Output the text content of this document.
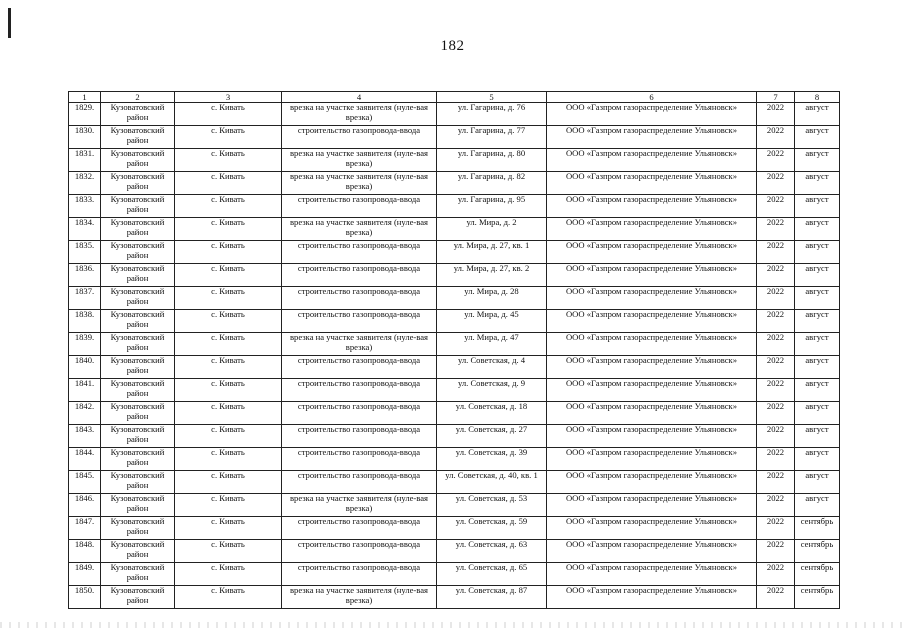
182
1	2	3	4	5	6	7	8
1829.	Кузоватовский район	с. Кивать	врезка на участке заявителя (нуле-вая врезка)	ул. Гагарина, д. 76	ООО «Газпром газораспределение Ульяновск»	2022	август
1830.	Кузоватовский район	с. Кивать	строительство газопровода-ввода	ул. Гагарина, д. 77	ООО «Газпром газораспределение Ульяновск»	2022	август
1831.	Кузоватовский район	с. Кивать	врезка на участке заявителя (нуле-вая врезка)	ул. Гагарина, д. 80	ООО «Газпром газораспределение Ульяновск»	2022	август
1832.	Кузоватовский район	с. Кивать	врезка на участке заявителя (нуле-вая врезка)	ул. Гагарина, д. 82	ООО «Газпром газораспределение Ульяновск»	2022	август
1833.	Кузоватовский район	с. Кивать	строительство газопровода-ввода	ул. Гагарина, д. 95	ООО «Газпром газораспределение Ульяновск»	2022	август
1834.	Кузоватовский район	с. Кивать	врезка на участке заявителя (нуле-вая врезка)	ул. Мира, д. 2	ООО «Газпром газораспределение Ульяновск»	2022	август
1835.	Кузоватовский район	с. Кивать	строительство газопровода-ввода	ул. Мира, д. 27, кв. 1	ООО «Газпром газораспределение Ульяновск»	2022	август
1836.	Кузоватовский район	с. Кивать	строительство газопровода-ввода	ул. Мира, д. 27, кв. 2	ООО «Газпром газораспределение Ульяновск»	2022	август
1837.	Кузоватовский район	с. Кивать	строительство газопровода-ввода	ул. Мира, д. 28	ООО «Газпром газораспределение Ульяновск»	2022	август
1838.	Кузоватовский район	с. Кивать	строительство газопровода-ввода	ул. Мира, д. 45	ООО «Газпром газораспределение Ульяновск»	2022	август
1839.	Кузоватовский район	с. Кивать	врезка на участке заявителя (нуле-вая врезка)	ул. Мира, д. 47	ООО «Газпром газораспределение Ульяновск»	2022	август
1840.	Кузоватовский район	с. Кивать	строительство газопровода-ввода	ул. Советская, д. 4	ООО «Газпром газораспределение Ульяновск»	2022	август
1841.	Кузоватовский район	с. Кивать	строительство газопровода-ввода	ул. Советская, д. 9	ООО «Газпром газораспределение Ульяновск»	2022	август
1842.	Кузоватовский район	с. Кивать	строительство газопровода-ввода	ул. Советская, д. 18	ООО «Газпром газораспределение Ульяновск»	2022	август
1843.	Кузоватовский район	с. Кивать	строительство газопровода-ввода	ул. Советская, д. 27	ООО «Газпром газораспределение Ульяновск»	2022	август
1844.	Кузоватовский район	с. Кивать	строительство газопровода-ввода	ул. Советская, д. 39	ООО «Газпром газораспределение Ульяновск»	2022	август
1845.	Кузоватовский район	с. Кивать	строительство газопровода-ввода	ул. Советская, д. 40, кв. 1	ООО «Газпром газораспределение Ульяновск»	2022	август
1846.	Кузоватовский район	с. Кивать	врезка на участке заявителя (нуле-вая врезка)	ул. Советская, д. 53	ООО «Газпром газораспределение Ульяновск»	2022	август
1847.	Кузоватовский район	с. Кивать	строительство газопровода-ввода	ул. Советская, д. 59	ООО «Газпром газораспределение Ульяновск»	2022	сентябрь
1848.	Кузоватовский район	с. Кивать	строительство газопровода-ввода	ул. Советская, д. 63	ООО «Газпром газораспределение Ульяновск»	2022	сентябрь
1849.	Кузоватовский район	с. Кивать	строительство газопровода-ввода	ул. Советская, д. 65	ООО «Газпром газораспределение Ульяновск»	2022	сентябрь
1850.	Кузоватовский район	с. Кивать	врезка на участке заявителя (нуле-вая врезка)	ул. Советская, д. 87	ООО «Газпром газораспределение Ульяновск»	2022	сентябрь
